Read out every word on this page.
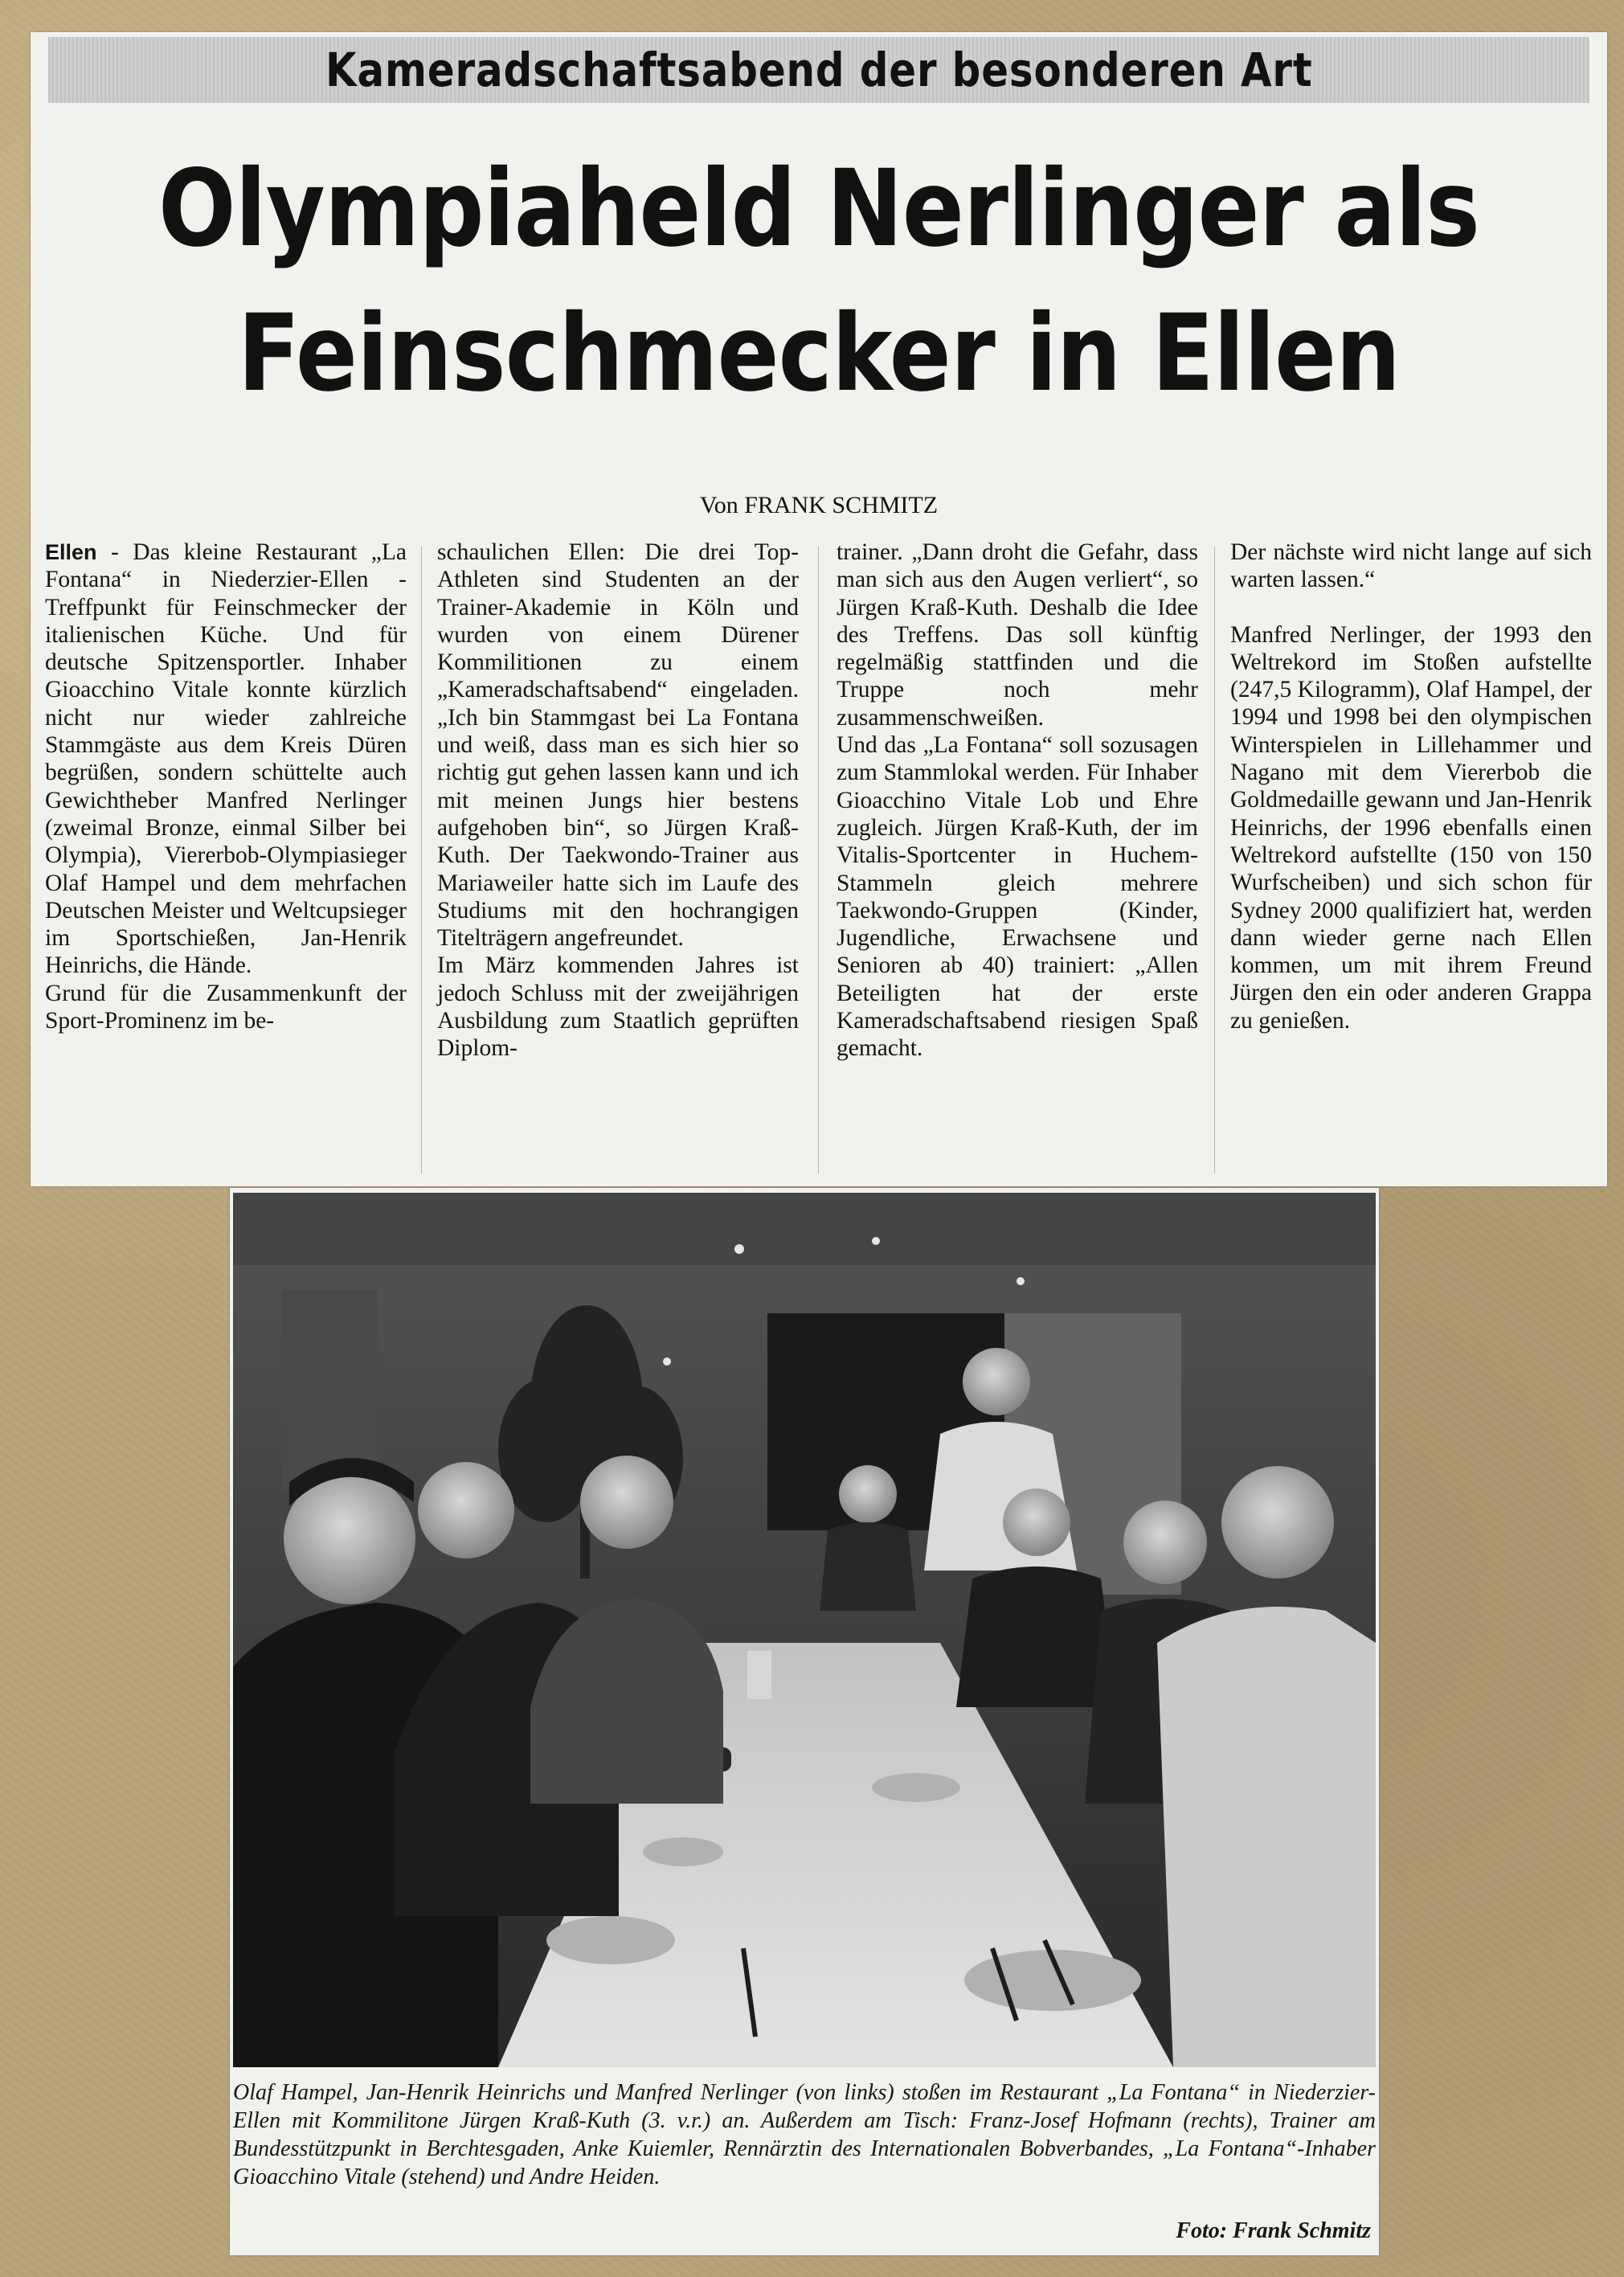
Kameradschaftsabend der besonderen Art
Olympiaheld Nerlinger als
Feinschmecker in Ellen
Von FRANK SCHMITZ

Ellen - Das kleine Restaurant „La Fontana“ in Niederzier-Ellen - Treffpunkt für Feinschmecker der italienischen Küche. Und für deutsche Spitzensportler. Inhaber Gioacchino Vitale konnte kürzlich nicht nur wieder zahlreiche Stammgäste aus dem Kreis Düren begrüßen, sondern schüttelte auch Gewichtheber Manfred Nerlinger (zweimal Bronze, einmal Silber bei Olympia), Viererbob-Olympiasieger Olaf Hampel und dem mehrfachen Deutschen Meister und Weltcupsieger im Sportschießen, Jan-Henrik Heinrichs, die Hände.

Grund für die Zusammenkunft der Sport-Prominenz im be-

schaulichen Ellen: Die drei Top-Athleten sind Studenten an der Trainer-Akademie in Köln und wurden von einem Dürener Kommilitionen zu einem „Kameradschaftsabend“ eingeladen. „Ich bin Stammgast bei La Fontana und weiß, dass man es sich hier so richtig gut gehen lassen kann und ich mit meinen Jungs hier bestens aufgehoben bin“, so Jürgen Kraß-Kuth. Der Taekwondo-Trainer aus Mariaweiler hatte sich im Laufe des Studiums mit den hochrangigen Titelträgern angefreundet.

Im März kommenden Jahres ist jedoch Schluss mit der zweijährigen Ausbildung zum Staatlich geprüften Diplom-

trainer. „Dann droht die Gefahr, dass man sich aus den Augen verliert“, so Jürgen Kraß-Kuth. Deshalb die Idee des Treffens. Das soll künftig regelmäßig stattfinden und die Truppe noch mehr zusammenschweißen.

Und das „La Fontana“ soll sozusagen zum Stammlokal werden. Für Inhaber Gioacchino Vitale Lob und Ehre zugleich. Jürgen Kraß-Kuth, der im Vitalis-Sportcenter in Huchem-Stammeln gleich mehrere Taekwondo-Gruppen (Kinder, Jugendliche, Erwachsene und Senioren ab 40) trainiert: „Allen Beteiligten hat der erste Kameradschaftsabend riesigen Spaß gemacht.

Der nächste wird nicht lange auf sich warten lassen.“

Manfred Nerlinger, der 1993 den Weltrekord im Stoßen aufstellte (247,5 Kilogramm), Olaf Hampel, der 1994 und 1998 bei den olympischen Winterspielen in Lillehammer und Nagano mit dem Viererbob die Goldmedaille gewann und Jan-Henrik Heinrichs, der 1996 ebenfalls einen Weltrekord aufstellte (150 von 150 Wurfscheiben) und sich schon für Sydney 2000 qualifiziert hat, werden dann wieder gerne nach Ellen kommen, um mit ihrem Freund Jürgen den ein oder anderen Grappa zu genießen.

Olaf Hampel, Jan-Henrik Heinrichs und Manfred Nerlinger (von links) stoßen im Restaurant „La Fontana“ in Niederzier-Ellen mit Kommilitone Jürgen Kraß-Kuth (3. v.r.) an. Außerdem am Tisch: Franz-Josef Hofmann (rechts), Trainer am Bundesstützpunkt in Berchtesgaden, Anke Kuiemler, Rennärztin des Internationalen Bobverbandes, „La Fontana“-Inhaber Gioacchino Vitale (stehend) und Andre Heiden.
Foto: Frank Schmitz
